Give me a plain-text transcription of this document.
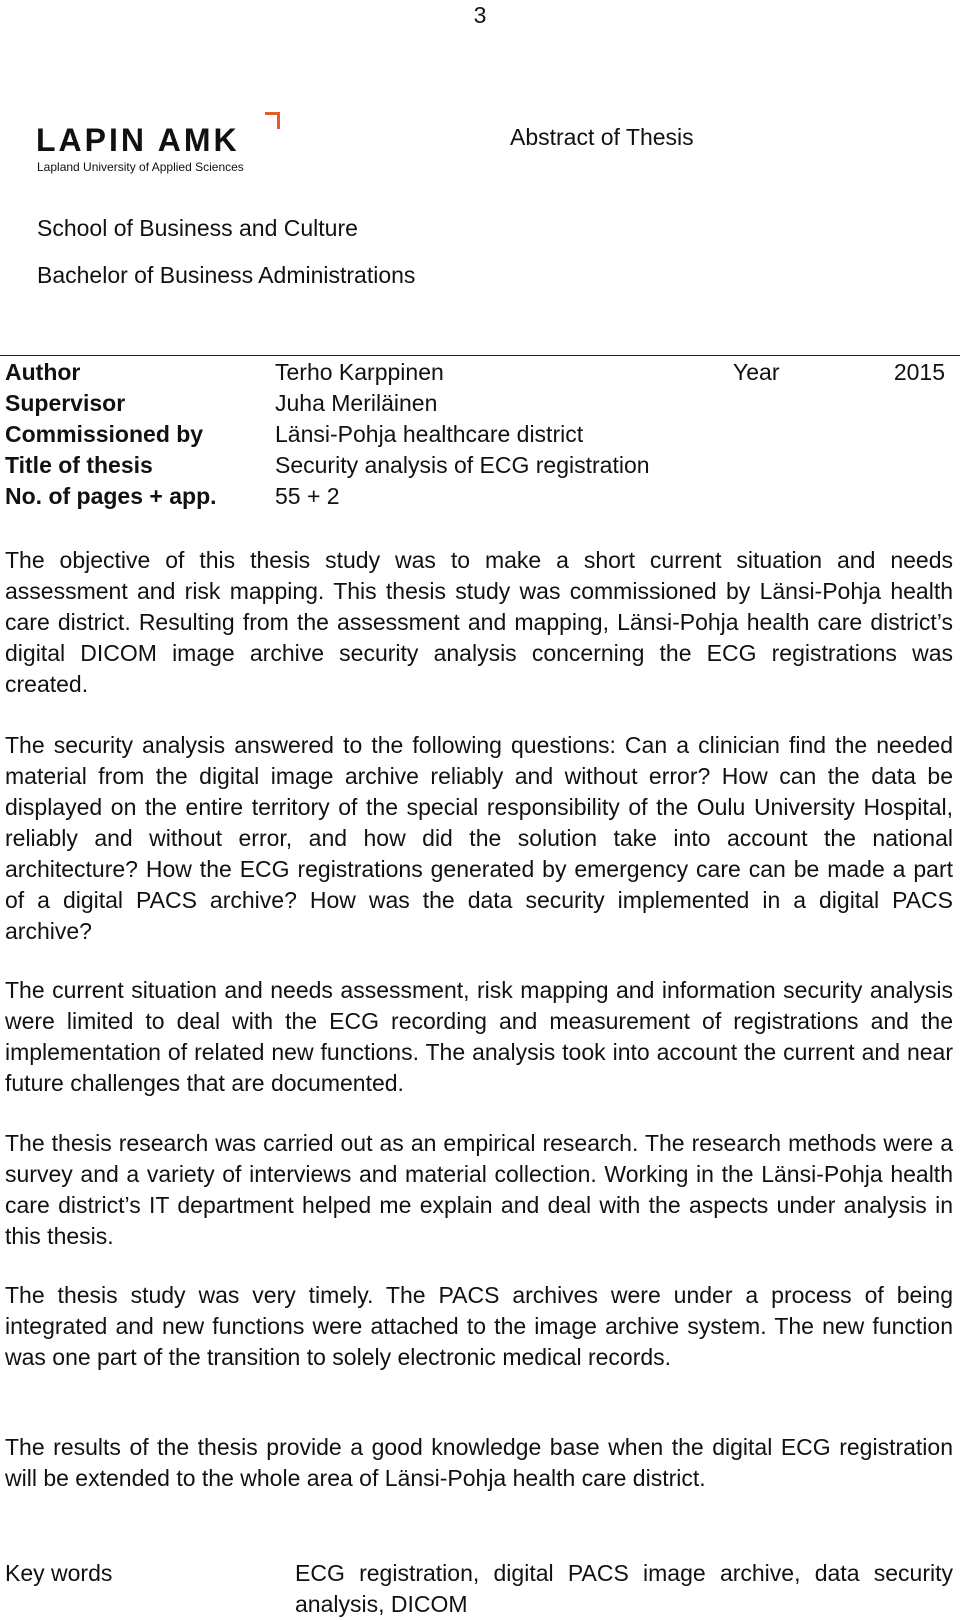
3
LAPIN AMK
Lapland University of Applied Sciences
Abstract of Thesis
School of Business and Culture
Bachelor of Business Administrations
Author	Terho Karppinen	Year	2015
Supervisor	Juha Meriläinen
Commissioned by	Länsi-Pohja healthcare district
Title of thesis	Security analysis of ECG registration
No. of pages + app.	55 + 2

The objective of this thesis study was to make a short current situation and needs assessment and risk mapping. This thesis study was commissioned by Länsi-Pohja health care district. Resulting from the assessment and mapping, Länsi-Pohja health care district’s digital DICOM image archive security analysis concerning the ECG registrations was created.

The security analysis answered to the following questions: Can a clinician find the needed material from the digital image archive reliably and without error? How can the data be displayed on the entire territory of the special responsibility of the Oulu University Hospital, reliably and without error, and how did the solution take into account the national architecture? How the ECG registrations generated by emergency care can be made a part of a digital PACS archive? How was the data security implemented in a digital PACS archive?

The current situation and needs assessment, risk mapping and information security analysis were limited to deal with the ECG recording and measurement of registrations and the implementation of related new functions. The analysis took into account the current and near future challenges that are documented.

The thesis research was carried out as an empirical research. The research methods were a survey and a variety of interviews and material collection. Working in the Länsi-Pohja health care district’s IT department helped me explain and deal with the aspects under analysis in this thesis.

The thesis study was very timely. The PACS archives were under a process of being integrated and new functions were attached to the image archive system. The new function was one part of the transition to solely electronic medical records.

The results of the thesis provide a good knowledge base when the digital ECG registration will be extended to the whole area of Länsi-Pohja health care district.

Key words	ECG registration, digital PACS image archive, data security analysis, DICOM
